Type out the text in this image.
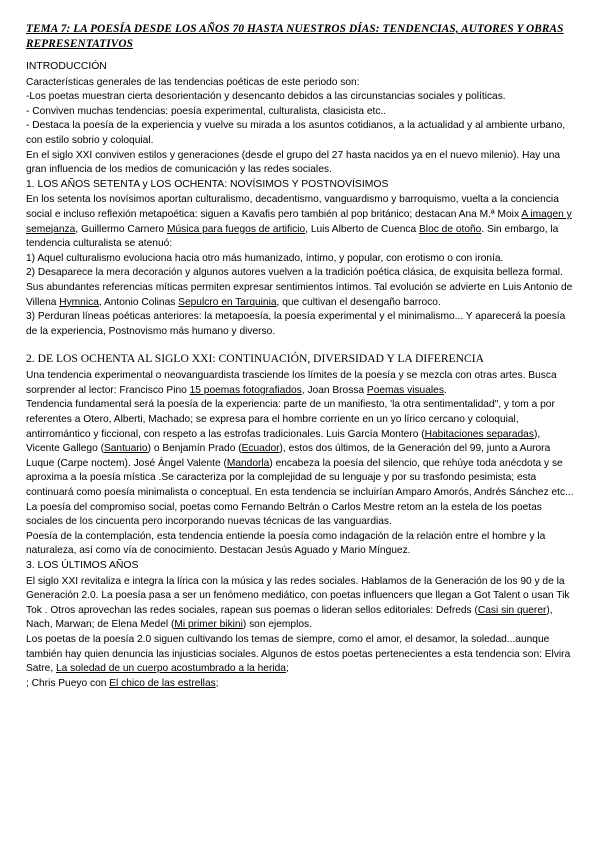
TEMA 7: LA POESÍA DESDE LOS AÑOS 70 HASTA NUESTROS DÍAS: TENDENCIAS, AUTORES Y OBRAS REPRESENTATIVOS

INTRODUCCIÓN

Características generales de las tendencias poéticas de este periodo son:

-Los poetas muestran cierta desorientación y desencanto debidos a las circunstancias sociales y políticas.

- Conviven muchas tendencias: poesía experimental, culturalista, clasicista etc..

- Destaca la poesía de la experiencia y vuelve su mirada a los asuntos cotidianos, a la actualidad y al ambiente urbano, con estilo sobrio y coloquial.

En el siglo XXI conviven estilos y generaciones (desde el grupo del 27 hasta nacidos ya en el nuevo milenio). Hay una gran influencia de los medios de comunicación y las redes sociales.

1. LOS AÑOS SETENTA y LOS OCHENTA: NOVÍSIMOS Y POSTNOVÍSIMOS

En los setenta los novísimos aportan culturalismo, decadentismo, vanguardismo y barroquismo, vuelta a la conciencia social e incluso reflexión metapoética: siguen a Kavafis pero también al pop británico; destacan Ana M.ª Moix A imagen y semejanza, Guillermo Carnero Música para fuegos de artificio, Luis Alberto de Cuenca Bloc de otoño. Sin embargo, la tendencia culturalista se atenuó:

1) Aquel culturalismo evoluciona hacia otro más humanizado, íntimo, y popular, con erotismo o con ironía.

2) Desaparece la mera decoración y algunos autores vuelven a la tradición poética clásica, de exquisita belleza formal. Sus abundantes referencias míticas permiten expresar sentimientos íntimos. Tal evolución se advierte en Luis Antonio de Villena Hymnica, Antonio Colinas Sepulcro en Tarquinia, que cultivan el desengaño barroco.

3) Perduran líneas poéticas anteriores: la metapoesía, la poesía experimental y el minimalismo... Y aparecerá la poesía de la experiencia, Postnovismo más humano y diverso.

2. DE LOS OCHENTA AL SIGLO XXI: CONTINUACIÓN, DIVERSIDAD Y LA DIFERENCIA

Una tendencia experimental o neovanguardista trasciende los límites de la poesía y se mezcla con otras artes. Busca sorprender al lector: Francisco Pino 15 poemas fotografiados, Joan Brossa Poemas visuales.

Tendencia fundamental será la poesía de la experiencia: parte de un manifiesto, 'la otra sentimentalidad", y tom a por referentes a Otero, Alberti, Machado; se expresa para el hombre corriente en un yo lírico cercano y coloquial, antirromántico y ficcional, con respeto a las estrofas tradicionales. Luis García Montero (Habitaciones separadas), Vicente Gallego (Santuario) o Benjamín Prado (Ecuador), estos dos últimos, de la Generación del 99, junto a Aurora Luque (Carpe noctem). José Ángel Valente (Mandorla) encabeza la poesía del silencio, que rehúye toda anécdota y se aproxima a la poesía mística .Se caracteriza por la complejidad de su lenguaje y por su trasfondo pesimista; esta continuará como poesía minimalista o conceptual. En esta tendencia se incluirían Amparo Amorós, Andrés Sánchez etc...

La poesía del compromiso social, poetas como Fernando Beltrán o Carlos Mestre retom an la estela de los poetas sociales de los cincuenta pero incorporando nuevas técnicas de las vanguardias.

Poesía de la contemplación, esta tendencia entiende la poesía como indagación de la relación entre el hombre y la naturaleza, así como vía de conocimiento. Destacan Jesús Aguado y Mario Mínguez.

3. LOS ÚLTIMOS AÑOS

El siglo XXI revitaliza e integra la lírica con la música y las redes sociales. Hablamos de la Generación de los 90 y de la Generación 2.0. La poesía pasa a ser un fenómeno mediático, con poetas influencers que llegan a Got Talent o usan Tik Tok . Otros aprovechan las redes sociales, rapean sus poemas o lideran sellos editoriales: Defreds (Casi sin querer), Nach, Marwan; de Elena Medel (Mi primer bikini) son ejemplos.

Los poetas de la poesía 2.0 siguen cultivando los temas de siempre, como el amor, el desamor, la soledad...aunque también hay quien denuncia las injusticias sociales. Algunos de estos poetas pertenecientes a esta tendencia son: Elvira Satre, La soledad de un cuerpo acostumbrado a la herida;

; Chris Pueyo con El chico de las estrellas;
